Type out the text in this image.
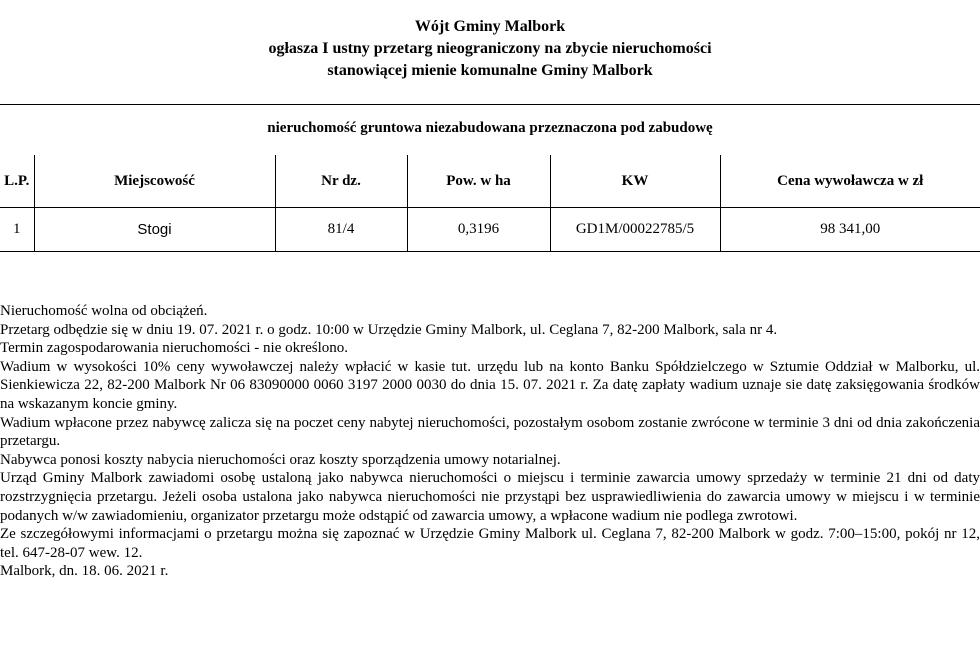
Wójt Gminy Malbork
ogłasza I ustny przetarg nieograniczony na zbycie nieruchomości
stanowiącej mienie komunalne Gminy Malbork
nieruchomość gruntowa niezabudowana przeznaczona pod zabudowę
L.P.	Miejscowość	Nr dz.	Pow. w ha	KW	Cena wywoławcza w zł
1	Stogi	81/4	0,3196	GD1M/00022785/5	98 341,00

Nieruchomość wolna od obciążeń.

Przetarg odbędzie się w dniu 19. 07. 2021 r. o godz. 10:00 w Urzędzie Gminy Malbork, ul. Ceglana 7, 82-200 Malbork, sala nr 4.

Termin zagospodarowania nieruchomości - nie określono.

Wadium w wysokości 10% ceny wywoławczej należy wpłacić w kasie tut. urzędu lub na konto Banku Spółdzielczego w Sztumie Oddział w Malborku, ul. Sienkiewicza 22, 82-200 Malbork Nr 06 83090000 0060 3197 2000 0030 do dnia 15. 07. 2021 r. Za datę zapłaty wadium uznaje sie datę zaksięgowania środków na wskazanym koncie gminy.

Wadium wpłacone przez nabywcę zalicza się na poczet ceny nabytej nieruchomości, pozostałym osobom zostanie zwrócone w terminie 3 dni od dnia zakończenia przetargu.

Nabywca ponosi koszty nabycia nieruchomości oraz koszty sporządzenia umowy notarialnej.

Urząd Gminy Malbork zawiadomi osobę ustaloną jako nabywca nieruchomości o miejscu i terminie zawarcia umowy sprzedaży w terminie 21 dni od daty rozstrzygnięcia przetargu. Jeżeli osoba ustalona jako nabywca nieruchomości nie przystąpi bez usprawiedliwienia do zawarcia umowy w miejscu i w terminie podanych w/w zawiadomieniu, organizator przetargu może odstąpić od zawarcia umowy, a wpłacone wadium nie podlega zwrotowi.

Ze szczegółowymi informacjami o przetargu można się zapoznać w Urzędzie Gminy Malbork ul. Ceglana 7, 82-200 Malbork w godz. 7:00–15:00, pokój nr 12, tel. 647-28-07 wew. 12.

Malbork, dn. 18. 06. 2021 r.
